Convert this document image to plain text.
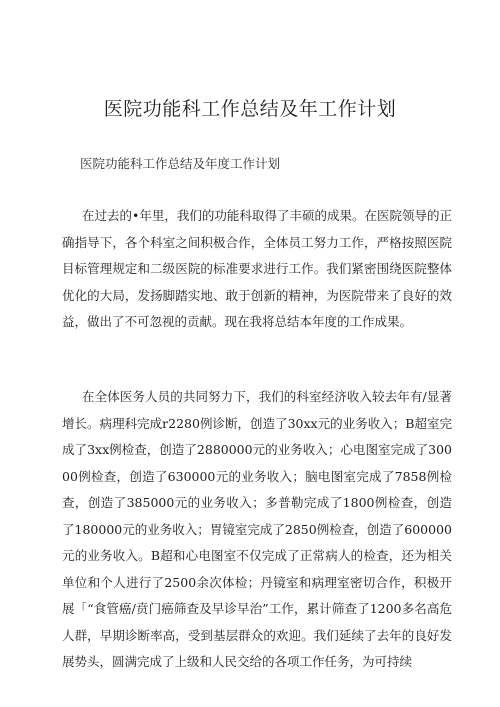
医院功能科工作总结及年工作计划

医院功能科工作总结及年度工作计划

在过去的•年里，我们的功能科取得了丰硕的成果。在医院领导的正确指导下，各个科室之间积极合作，全体员工努力工作，严格按照医院目标管理规定和二级医院的标准要求进行工作。我们紧密围绕医院整体优化的大局，发扬脚踏实地、敢于创新的精神，为医院带来了良好的效益，做出了不可忽视的贡献。现在我将总结本年度的工作成果。

在全体医务人员的共同努力下，我们的科室经济收入较去年有/显著增长。病理科完成r2280例诊断，创造了30xx元的业务收入；B超室完成了3xx例检查，创造了2880000元的业务收入；心电图室完成了30000例检查，创造了630000元的业务收入；脑电图室完成了7858例检查，创造了385000元的业务收入；多普勒完成了1800例检查，创造了180000元的业务收入；胃镜室完成了2850例检查，创造了600000元的业务收入。B超和心电图室不仅完成了正常病人的检查，还为相关单位和个人进行了2500余次体检；丹镜室和病理室密切合作，积极开展「“食管癌/贲门癌筛查及早诊早治”工作，累计筛查了1200多名高危人群，早期诊断率高，受到基层群众的欢迎。我们延续了去年的良好发展势头，圆满完成了上级和人民交给的各项工作任务，为可持续
